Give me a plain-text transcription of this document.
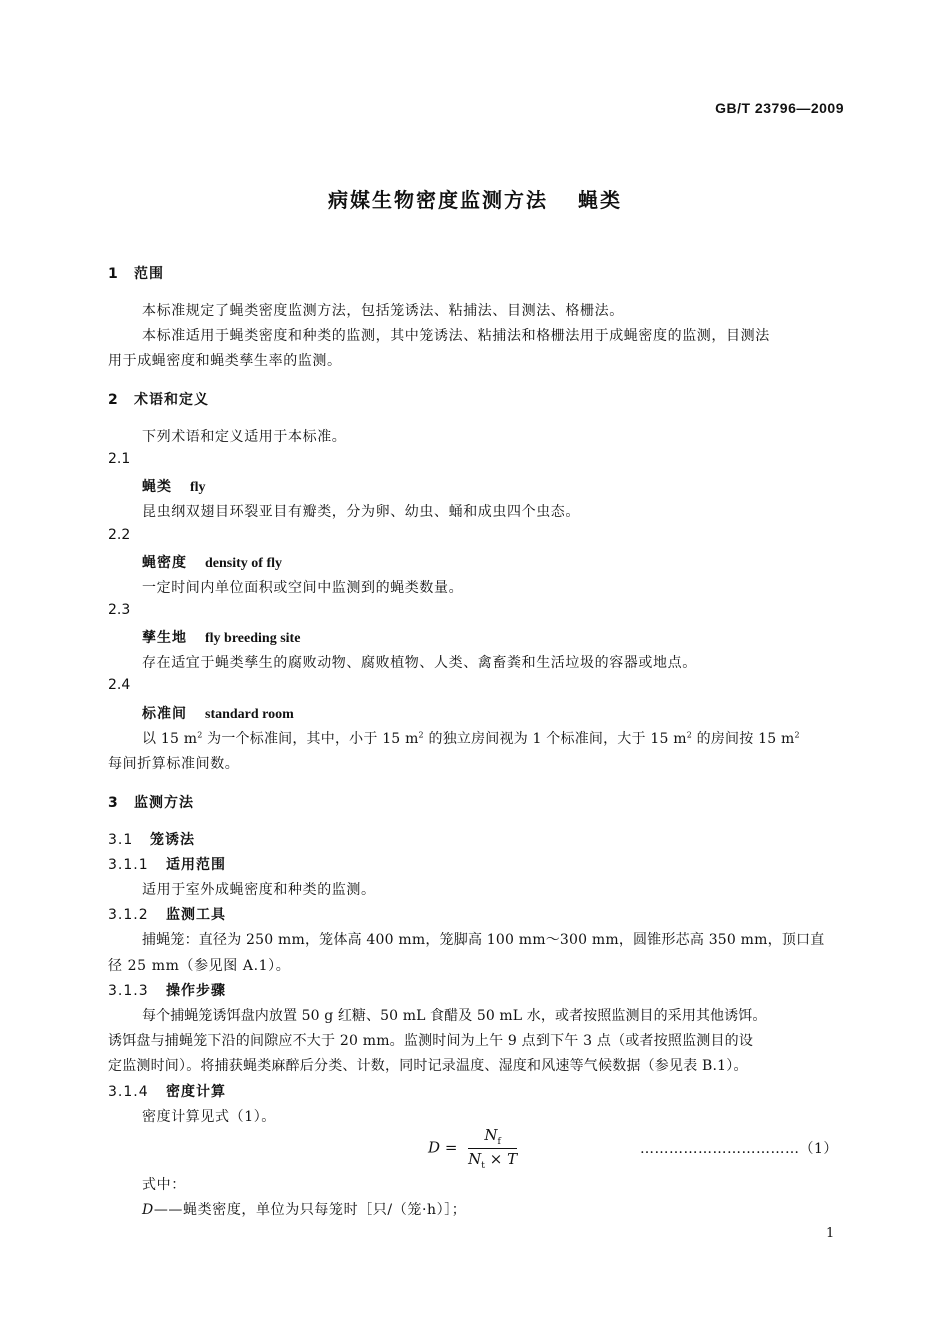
GB/T 23796—2009
病媒生物密度监测方法 蝇类
1 范围
本标准规定了蝇类密度监测方法，包括笼诱法、粘捕法、目测法、格栅法。
本标准适用于蝇类密度和种类的监测，其中笼诱法、粘捕法和格栅法用于成蝇密度的监测，目测法
用于成蝇密度和蝇类孳生率的监测。
2 术语和定义
下列术语和定义适用于本标准。
2.1
蝇类 fly
昆虫纲双翅目环裂亚目有瓣类，分为卵、幼虫、蛹和成虫四个虫态。
2.2
蝇密度 density of fly
一定时间内单位面积或空间中监测到的蝇类数量。
2.3
孳生地 fly breeding site
存在适宜于蝇类孳生的腐败动物、腐败植物、人类、禽畜粪和生活垃圾的容器或地点。
2.4
标准间 standard room
以 15 $m^2$ 为一个标准间，其中，小于 15 $m^2$ 的独立房间视为 1 个标准间，大于 15 $m^2$ 的房间按 15 $m^2$
每间折算标准间数。
3 监测方法
3.1 笼诱法
3.1.1 适用范围
适用于室外成蝇密度和种类的监测。
3.1.2 监测工具
捕蝇笼：直径为 250 mm，笼体高 400 mm，笼脚高 100 mm～300 mm，圆锥形芯高 350 mm，顶口直
径 25 mm（参见图 A.1）。
3.1.3 操作步骤
每个捕蝇笼诱饵盘内放置 50 g 红糖、50 mL 食醋及 50 mL 水，或者按照监测目的采用其他诱饵。
诱饵盘与捕蝇笼下沿的间隙应不大于 20 mm。监测时间为上午 9 点到下午 3 点（或者按照监测目的设
定监测时间）。将捕获蝇类麻醉后分类、计数，同时记录温度、湿度和风速等气候数据（参见表 B.1）。
3.1.4 密度计算
密度计算见式（1）。
$D = \frac{N_f}{N_t \times T}$	……………………………（1）
式中：
D——蝇类密度，单位为只每笼时［只/（笼·h）］；
1
